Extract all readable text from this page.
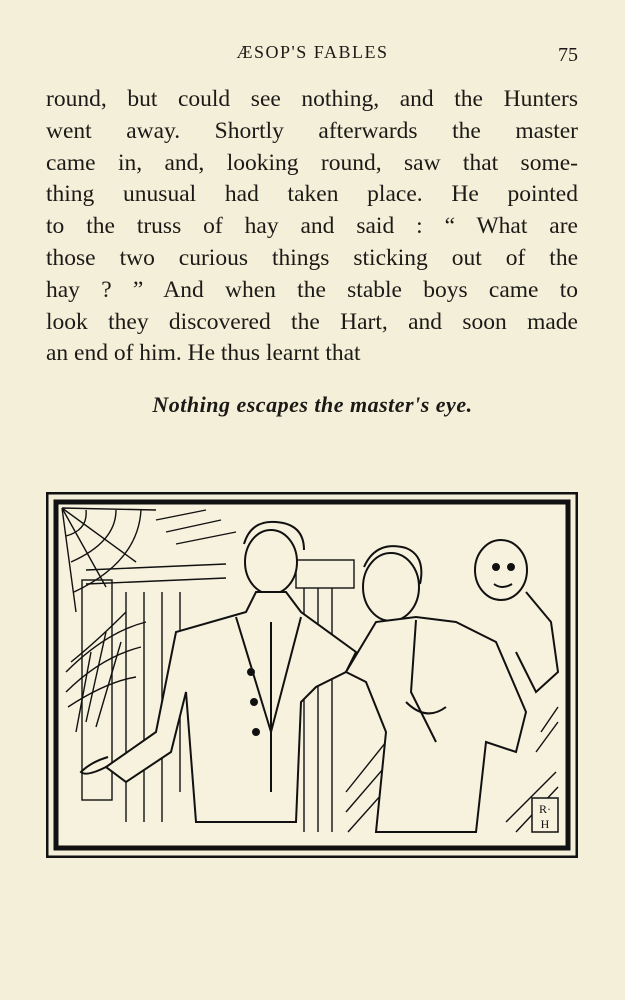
ÆSOP'S FABLES	75
round, but could see nothing, and the Hunters
went away. Shortly afterwards the master
came in, and, looking round, saw that some-
thing unusual had taken place. He pointed
to the truss of hay and said : “ What are
those two curious things sticking out of the
hay ? ” And when the stable boys came to
look they discovered the Hart, and soon made
an end of him. He thus learnt that
Nothing escapes the master's eye.
R·
H
